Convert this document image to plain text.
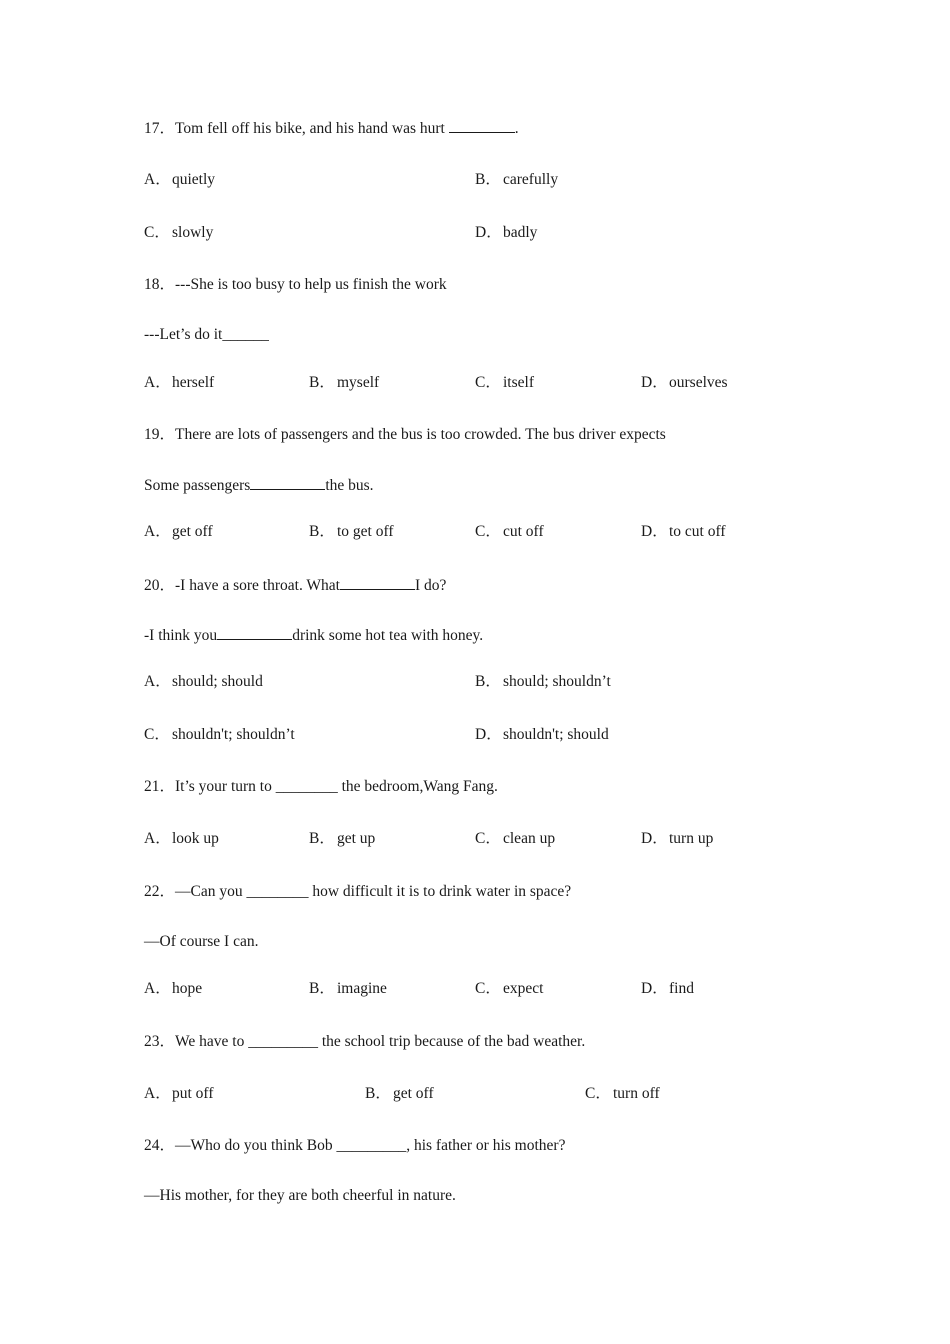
17．Tom fell off his bike, and his hand was hurt	.
A．quietly	B． carefully
C． slowly	D．badly
18．---She is too busy to help us finish the work
---Let’s do it______
A．herself	B． myself	C． itself	D．ourselves
19．There are lots of passengers and the bus is too crowded. The bus driver expects
Some passengers	the bus.
A．get off	B． to get off	C． cut off	D．to cut off
20．-I have a sore throat. What	I do?
-I think you	drink some hot tea with honey.
A．should; should	B． should; shouldn’t
C． shouldn't; shouldn’t	D．shouldn't; should
21．It’s your turn to ________ the bedroom,Wang Fang.
A．look up	B． get up	C． clean up	D．turn up
22．—Can you ________ how difficult it is to drink water in space?
—Of course I can.
A．hope	B． imagine	C． expect	D．find
23．We have to _________ the school trip because of the bad weather.
A．put off	B． get off	C． turn off
24．—Who do you think Bob _________, his father or his mother?
—His mother, for they are both cheerful in nature.
